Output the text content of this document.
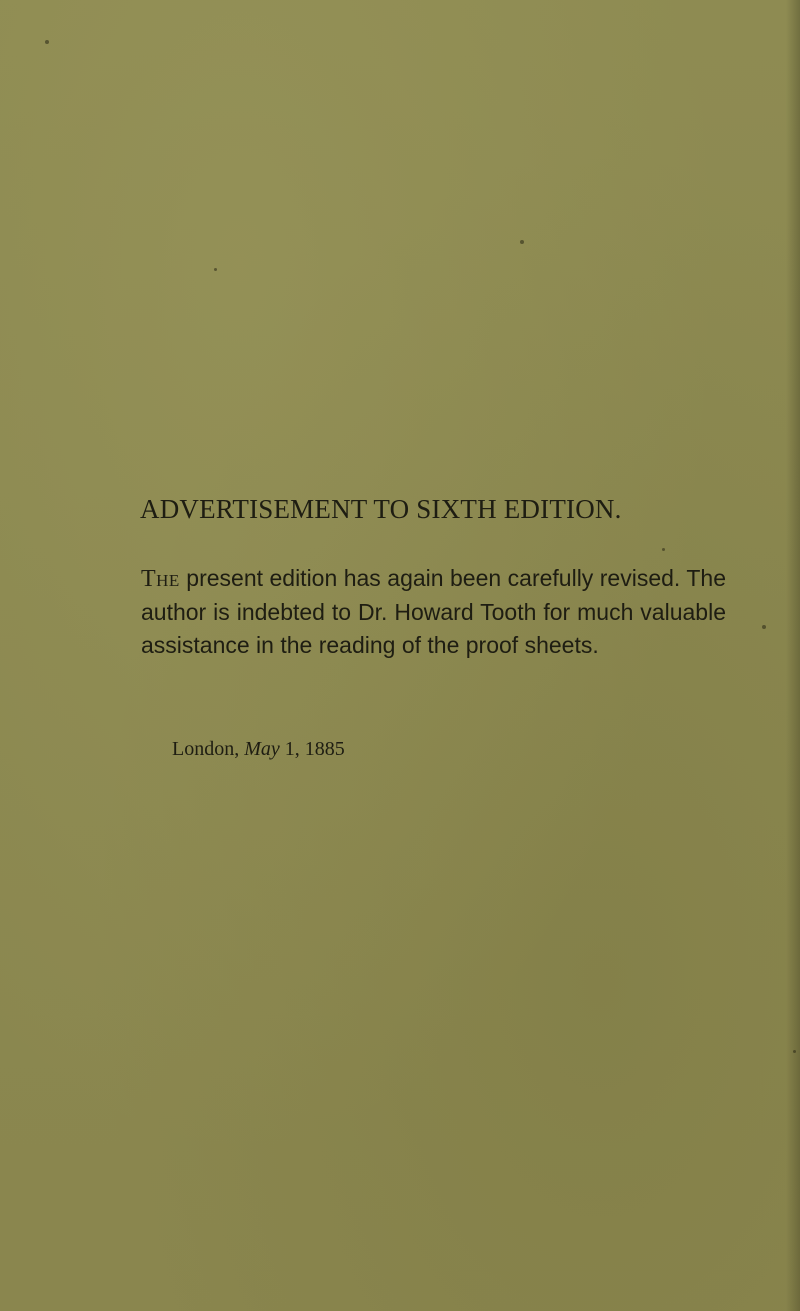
ADVERTISEMENT TO SIXTH EDITION.

The present edition has again been carefully revised. The author is indebted to Dr. Howard Tooth for much valuable assistance in the reading of the proof sheets.

London, May 1, 1885
